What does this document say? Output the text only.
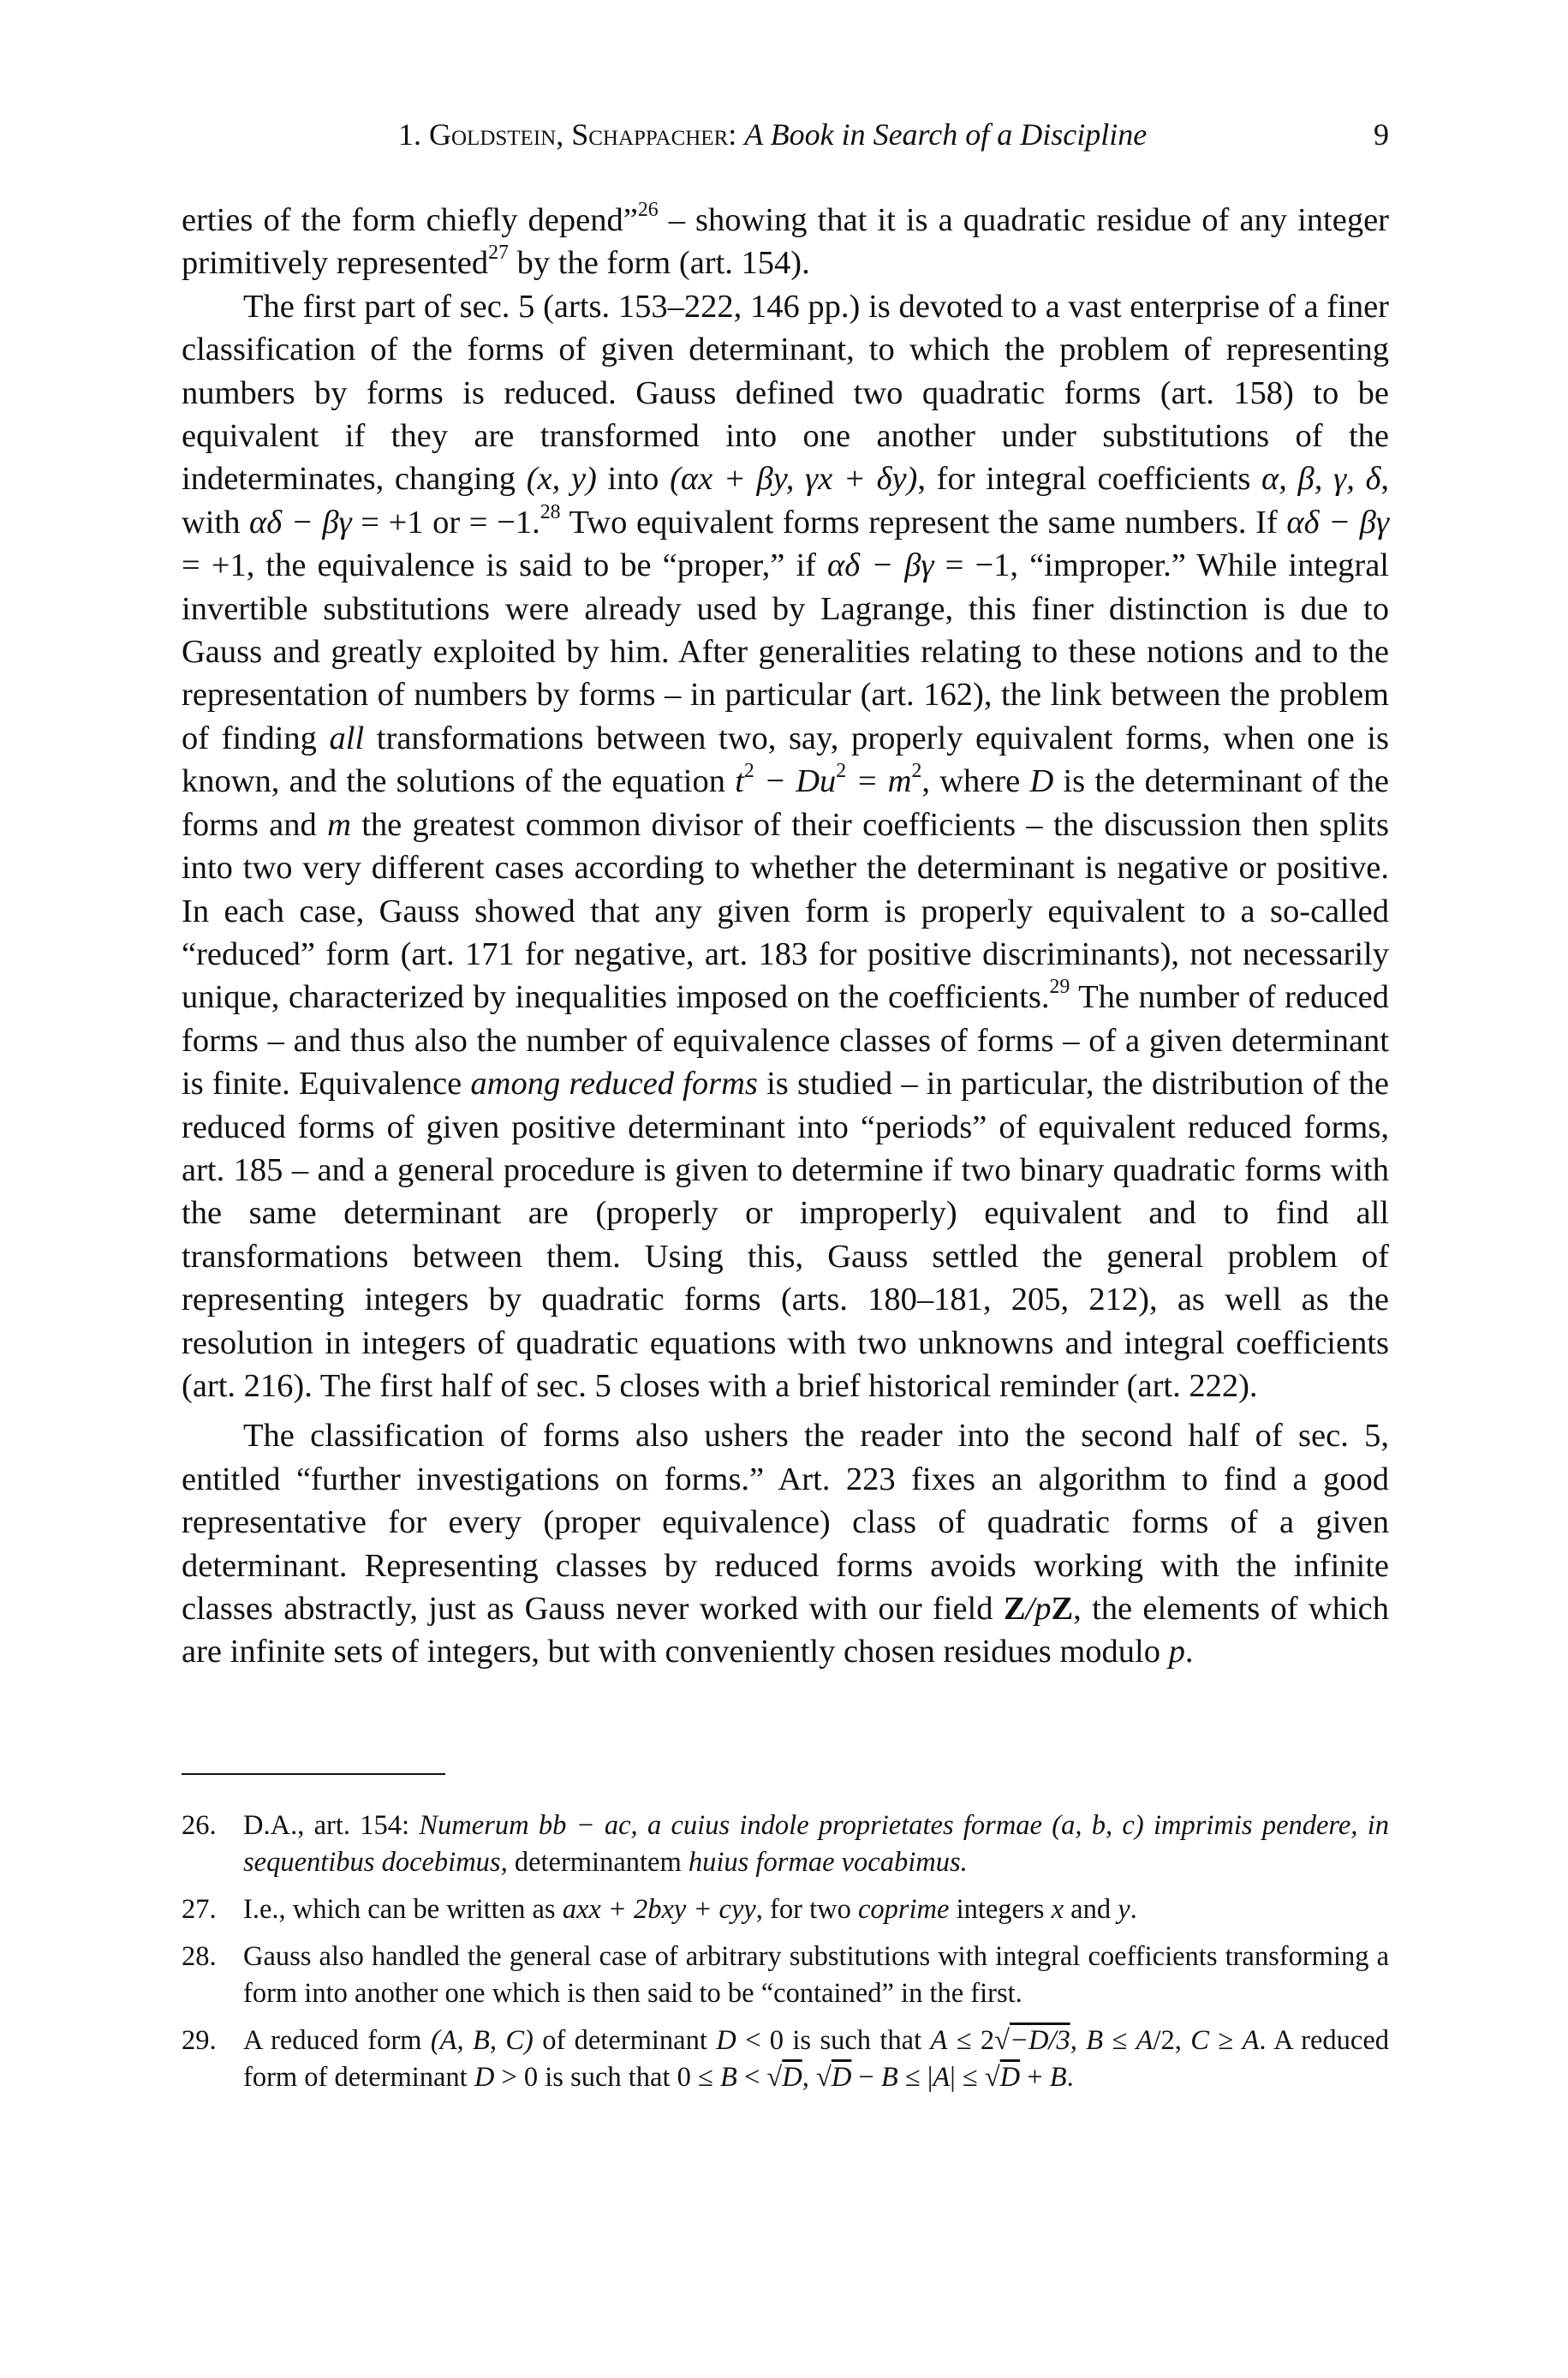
1. Goldstein, Schappacher: A Book in Search of a Discipline	9

erties of the form chiefly depend”$^{26}$ – showing that it is a quadratic residue of any integer primitively represented$^{27}$ by the form (art. 154).

The first part of sec. 5 (arts. 153–222, 146 pp.) is devoted to a vast enterprise of a finer classification of the forms of given determinant, to which the problem of representing numbers by forms is reduced. Gauss defined two quadratic forms (art. 158) to be equivalent if they are transformed into one another under substitutions of the indeterminates, changing (x, y) into (αx + βy, γx + δy), for integral coefficients α, β, γ, δ, with αδ − βγ = +1 or = −1.28 Two equivalent forms represent the same numbers. If αδ − βγ = +1, the equivalence is said to be “proper,” if αδ − βγ = −1, “improper.” While integral invertible substitutions were already used by Lagrange, this finer distinction is due to Gauss and greatly exploited by him. After generalities relating to these notions and to the representation of numbers by forms – in particular (art. 162), the link between the problem of finding all transformations between two, say, properly equivalent forms, when one is known, and the solutions of the equation $t^2 - Du^2 = m^2$, where D is the determinant of the forms and m the greatest common divisor of their coefficients – the discussion then splits into two very different cases according to whether the determinant is negative or positive. In each case, Gauss showed that any given form is properly equivalent to a so-called “reduced” form (art. 171 for negative, art. 183 for positive discriminants), not necessarily unique, characterized by inequalities imposed on the coefficients.$^{29}$ The number of reduced forms – and thus also the number of equivalence classes of forms – of a given determinant is finite. Equivalence among reduced forms is studied – in particular, the distribution of the reduced forms of given positive determinant into “periods” of equivalent reduced forms, art. 185 – and a general procedure is given to determine if two binary quadratic forms with the same determinant are (properly or improperly) equivalent and to find all transformations between them. Using this, Gauss settled the general problem of representing integers by quadratic forms (arts. 180–181, 205, 212), as well as the resolution in integers of quadratic equations with two unknowns and integral coefficients (art. 216). The first half of sec. 5 closes with a brief historical reminder (art. 222).

The classification of forms also ushers the reader into the second half of sec. 5, entitled “further investigations on forms.” Art. 223 fixes an algorithm to find a good representative for every (proper equivalence) class of quadratic forms of a given determinant. Representing classes by reduced forms avoids working with the infinite classes abstractly, just as Gauss never worked with our field Z/pZ, the elements of which are infinite sets of integers, but with conveniently chosen residues modulo p.

26. D.A., art. 154: Numerum bb − ac, a cuius indole proprietates formae (a, b, c) imprimis pendere, in sequentibus docebimus, determinantem huius formae vocabimus.
27. I.e., which can be written as axx + 2bxy + cyy, for two coprime integers x and y.
28. Gauss also handled the general case of arbitrary substitutions with integral coefficients transforming a form into another one which is then said to be “contained” in the first.
29. A reduced form (A, B, C) of determinant D < 0 is such that A ≤ 2√−D/3, B ≤ A/2, C ≥ A. A reduced form of determinant D > 0 is such that 0 ≤ B < √D, √D − B ≤ |A| ≤ √D + B.
